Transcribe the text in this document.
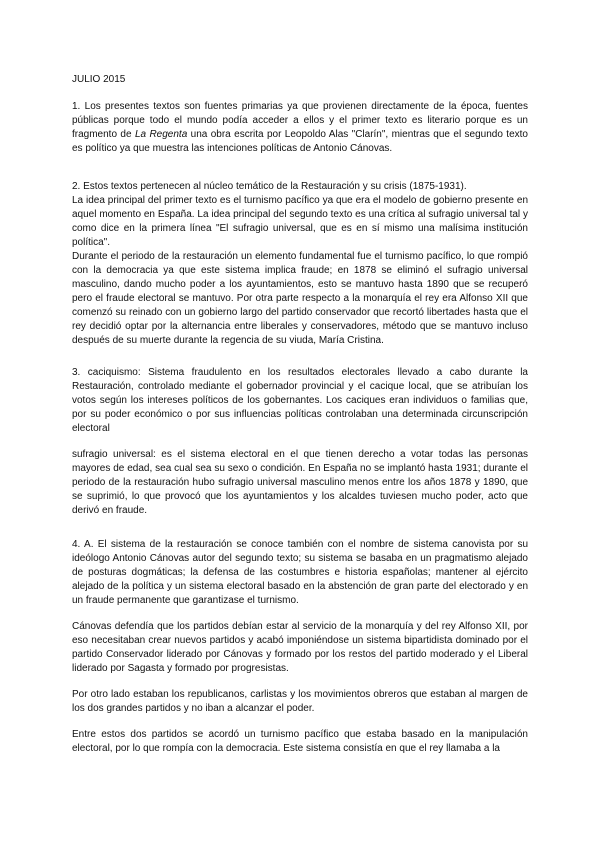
JULIO 2015

1. Los presentes textos son fuentes primarias ya que provienen directamente de la época, fuentes públicas porque todo el mundo podía acceder a ellos y el primer texto es literario porque es un fragmento de La Regenta una obra escrita por Leopoldo Alas "Clarín", mientras que el segundo texto es político ya que muestra las intenciones políticas de Antonio Cánovas.

2. Estos textos pertenecen al núcleo temático de la Restauración y su crisis (1875-1931).

La idea principal del primer texto es el turnismo pacífico ya que era el modelo de gobierno presente en aquel momento en España. La idea principal del segundo texto es una crítica al sufragio universal tal y como dice en la primera línea "El sufragio universal, que es en sí mismo una malísima institución política".

Durante el periodo de la restauración un elemento fundamental fue el turnismo pacífico, lo que rompió con la democracia ya que este sistema implica fraude; en 1878 se eliminó el sufragio universal masculino, dando mucho poder a los ayuntamientos, esto se mantuvo hasta 1890 que se recuperó pero el fraude electoral se mantuvo. Por otra parte respecto a la monarquía el rey era Alfonso XII que comenzó su reinado con un gobierno largo del partido conservador que recortó libertades hasta que el rey decidió optar por la alternancia entre liberales y conservadores, método que se mantuvo incluso después de su muerte durante la regencia de su viuda, María Cristina.

3. caciquismo: Sistema fraudulento en los resultados electorales llevado a cabo durante la Restauración, controlado mediante el gobernador provincial y el cacique local, que se atribuían los votos según los intereses políticos de los gobernantes. Los caciques eran individuos o familias que, por su poder económico o por sus influencias políticas controlaban una determinada circunscripción electoral

sufragio universal: es el sistema electoral en el que tienen derecho a votar todas las personas mayores de edad, sea cual sea su sexo o condición. En España no se implantó hasta 1931; durante el periodo de la restauración hubo sufragio universal masculino menos entre los años 1878 y 1890, que se suprimió, lo que provocó que los ayuntamientos y los alcaldes tuviesen mucho poder, acto que derivó en fraude.

4. A. El sistema de la restauración se conoce también con el nombre de sistema canovista por su ideólogo Antonio Cánovas autor del segundo texto; su sistema se basaba en un pragmatismo alejado de posturas dogmáticas; la defensa de las costumbres e historia españolas; mantener al ejército alejado de la política y un sistema electoral basado en la abstención de gran parte del electorado y en un fraude permanente que garantizase el turnismo.

Cánovas defendía que los partidos debían estar al servicio de la monarquía y del rey Alfonso XII, por eso necesitaban crear nuevos partidos y acabó imponiéndose un sistema bipartidista dominado por el partido Conservador liderado por Cánovas y formado por los restos del partido moderado y el Liberal liderado por Sagasta y formado por progresistas.

Por otro lado estaban los republicanos, carlistas y los movimientos obreros que estaban al margen de los dos grandes partidos y no iban a alcanzar el poder.

Entre estos dos partidos se acordó un turnismo pacífico que estaba basado en la manipulación electoral, por lo que rompía con la democracia. Este sistema consistía en que el rey llamaba a la
